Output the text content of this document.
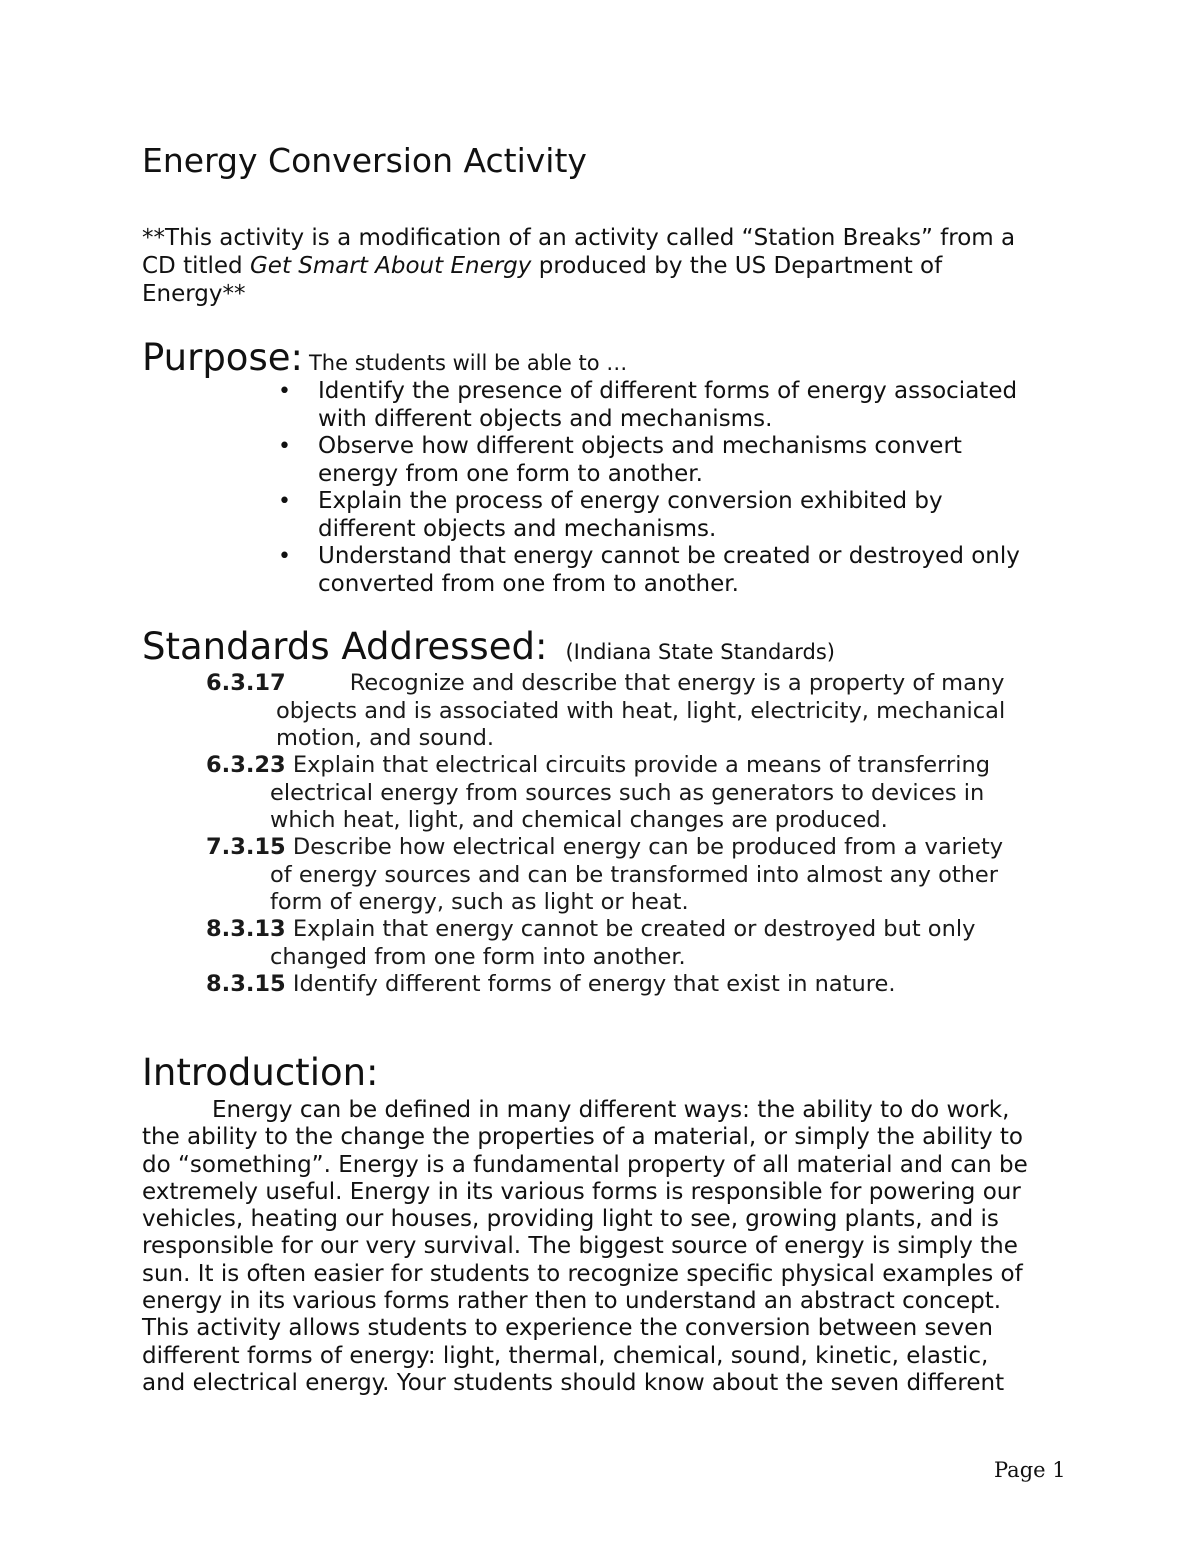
Energy Conversion Activity

**This activity is a modification of an activity called “Station Breaks” from a

CD titled Get Smart About Energy produced by the US Department of

Energy**

Purpose: The students will be able to …
• Identify the presence of different forms of energy associated
with different objects and mechanisms.
• Observe how different objects and mechanisms convert
energy from one form to another.
• Explain the process of energy conversion exhibited by
different objects and mechanisms.
• Understand that energy cannot be created or destroyed only
converted from one from to another.
Standards Addressed: (Indiana State Standards)
6.3.17	Recognize and describe that energy is a property of many
objects and is associated with heat, light, electricity, mechanical
motion, and sound.
6.3.23 Explain that electrical circuits provide a means of transferring
electrical energy from sources such as generators to devices in
which heat, light, and chemical changes are produced.
7.3.15 Describe how electrical energy can be produced from a variety
of energy sources and can be transformed into almost any other
form of energy, such as light or heat.
8.3.13 Explain that energy cannot be created or destroyed but only
changed from one form into another.
8.3.15 Identify different forms of energy that exist in nature.
Introduction:
Energy can be defined in many different ways: the ability to do work,
the ability to the change the properties of a material, or simply the ability to
do “something”. Energy is a fundamental property of all material and can be
extremely useful. Energy in its various forms is responsible for powering our
vehicles, heating our houses, providing light to see, growing plants, and is
responsible for our very survival. The biggest source of energy is simply the
sun. It is often easier for students to recognize specific physical examples of
energy in its various forms rather then to understand an abstract concept.
This activity allows students to experience the conversion between seven
different forms of energy: light, thermal, chemical, sound, kinetic, elastic,
and electrical energy. Your students should know about the seven different
Page 1
